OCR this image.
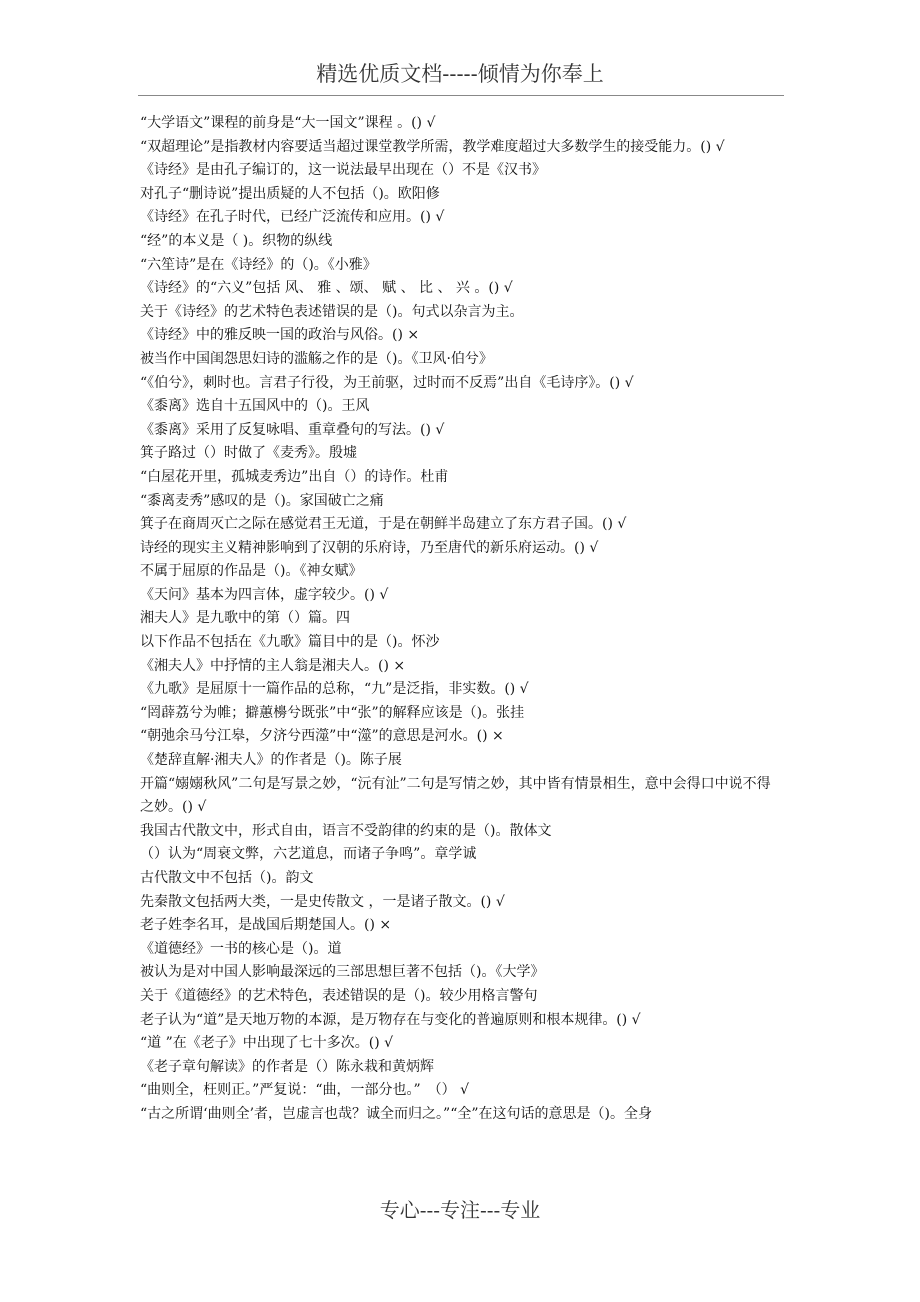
精选优质文档-----倾情为你奉上

“大学语文”课程的前身是“大一国文”课程 。() √

“双超理论”是指教材内容要适当超过课堂教学所需，教学难度超过大多数学生的接受能力。() √

《诗经》是由孔子编订的，这一说法最早出现在（）不是《汉书》

对孔子“删诗说”提出质疑的人不包括（)。欧阳修

《诗经》在孔子时代，已经广泛流传和应用。() √

“经”的本义是（ )。织物的纵线

“六笙诗”是在《诗经》的（)。《小雅》

《诗经》的“六义”包括 风、 雅 、颂、 赋 、 比 、 兴 。() √

关于《诗经》的艺术特色表述错误的是（)。句式以杂言为主。

《诗经》中的雅反映一国的政治与风俗。() ×

被当作中国闺怨思妇诗的滥觞之作的是（)。《卫风·伯兮》

“《伯兮》，刺时也。言君子行役，为王前驱，过时而不反焉”出自《毛诗序》。() √

《黍离》选自十五国风中的（)。王风

《黍离》采用了反复咏唱、重章叠句的写法。() √

箕子路过（）时做了《麦秀》。殷墟

“白屋花开里，孤城麦秀边”出自（）的诗作。杜甫

“黍离麦秀”感叹的是（)。家国破亡之痛

箕子在商周灭亡之际在感觉君王无道，于是在朝鲜半岛建立了东方君子国。() √

诗经的现实主义精神影响到了汉朝的乐府诗，乃至唐代的新乐府运动。() √

不属于屈原的作品是（)。《神女赋》

《天问》基本为四言体，虚字较少。() √

湘夫人》是九歌中的第（）篇。四

以下作品不包括在《九歌》篇目中的是（)。怀沙

《湘夫人》中抒情的主人翁是湘夫人。() ×

《九歌》是屈原十一篇作品的总称，“九”是泛指，非实数。() √

“罔薜荔兮为帷；擗蕙櫋兮既张”中“张”的解释应该是（)。张挂

“朝弛余马兮江皋，夕济兮西澨”中“澨”的意思是河水。() ×

《楚辞直解·湘夫人》的作者是（)。陈子展

开篇“嫋嫋秋风”二句是写景之妙，“沅有沚”二句是写情之妙，其中皆有情景相生，意中会得口中说不得之妙。() √

我国古代散文中，形式自由，语言不受韵律的约束的是（)。散体文

（）认为“周衰文弊，六艺道息，而诸子争鸣”。章学诚

古代散文中不包括（)。韵文

先秦散文包括两大类，一是史传散文 ，一是诸子散文。() √

老子姓李名耳，是战国后期楚国人。() ×

《道德经》一书的核心是（)。道

被认为是对中国人影响最深远的三部思想巨著不包括（)。《大学》

关于《道德经》的艺术特色，表述错误的是（)。较少用格言警句

老子认为“道”是天地万物的本源，是万物存在与变化的普遍原则和根本规律。() √

“道 ”在《老子》中出现了七十多次。() √

《老子章句解读》的作者是（）陈永栽和黄炳辉

“曲则全，枉则正。”严复说：“曲，一部分也。”　（） √

“古之所谓‘曲则全’者，岂虚言也哉？诚全而归之。”“全”在这句话的意思是（)。全身

专心---专注---专业
